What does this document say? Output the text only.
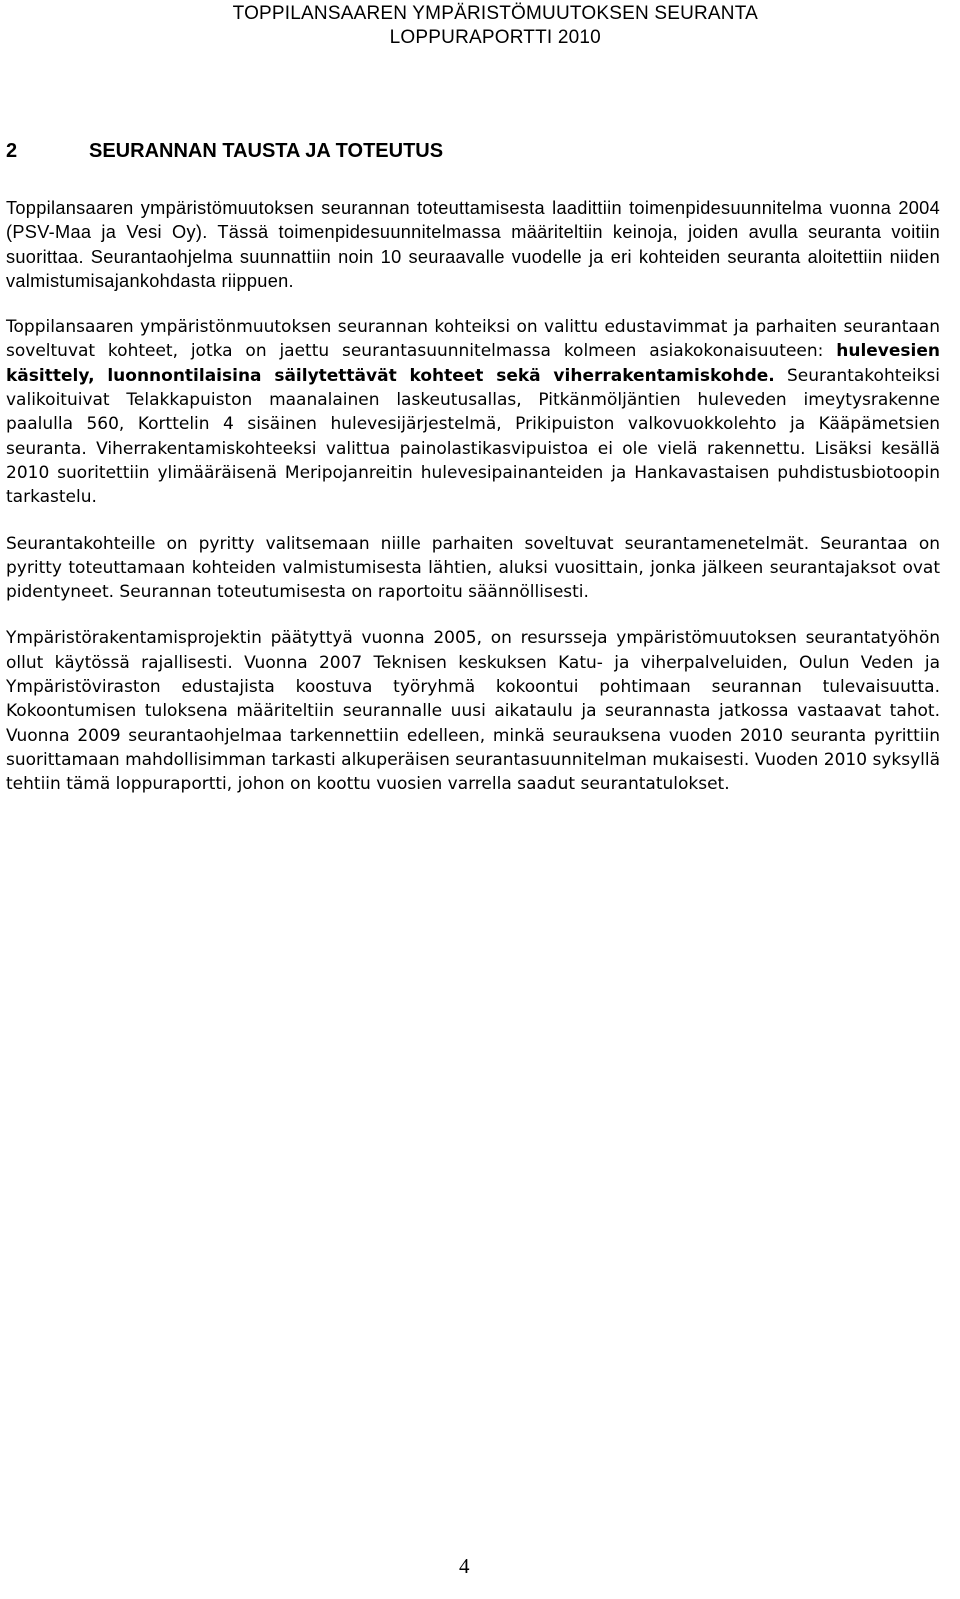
TOPPILANSAAREN YMPÄRISTÖMUUTOKSEN SEURANTA
LOPPURAPORTTI 2010
2	SEURANNAN TAUSTA JA TOTEUTUS

Toppilansaaren ympäristömuutoksen seurannan toteuttamisesta laadittiin toimenpidesuunnitelma vuonna 2004 (PSV-Maa ja Vesi Oy). Tässä toimenpidesuunnitelmassa määriteltiin keinoja, joiden avulla seuranta voitiin suorittaa. Seurantaohjelma suunnattiin noin 10 seuraavalle vuodelle ja eri kohteiden seuranta aloitettiin niiden valmistumisajankohdasta riippuen.

Toppilansaaren ympäristönmuutoksen seurannan kohteiksi on valittu edustavimmat ja parhaiten seurantaan soveltuvat kohteet, jotka on jaettu seurantasuunnitelmassa kolmeen asiakokonaisuuteen: hulevesien käsittely, luonnontilaisina säilytettävät kohteet sekä viherrakentamiskohde. Seurantakohteiksi valikoituivat Telakkapuiston maanalainen laskeutusallas, Pitkänmöljäntien huleveden imeytysrakenne paalulla 560, Korttelin 4 sisäinen hulevesijärjestelmä, Prikipuiston valkovuokkolehto ja Kääpämetsien seuranta. Viherrakentamiskohteeksi valittua painolastikasvipuistoa ei ole vielä rakennettu. Lisäksi kesällä 2010 suoritettiin ylimääräisenä Meripojanreitin hulevesipainanteiden ja Hankavastaisen puhdistusbiotoopin tarkastelu.

Seurantakohteille on pyritty valitsemaan niille parhaiten soveltuvat seurantamenetelmät. Seurantaa on pyritty toteuttamaan kohteiden valmistumisesta lähtien, aluksi vuosittain, jonka jälkeen seurantajaksot ovat pidentyneet. Seurannan toteutumisesta on raportoitu säännöllisesti.

Ympäristörakentamisprojektin päätyttyä vuonna 2005, on resursseja ympäristömuutoksen seurantatyöhön ollut käytössä rajallisesti. Vuonna 2007 Teknisen keskuksen Katu- ja viherpalveluiden, Oulun Veden ja Ympäristöviraston edustajista koostuva työryhmä kokoontui pohtimaan seurannan tulevaisuutta. Kokoontumisen tuloksena määriteltiin seurannalle uusi aikataulu ja seurannasta jatkossa vastaavat tahot. Vuonna 2009 seurantaohjelmaa tarkennettiin edelleen, minkä seurauksena vuoden 2010 seuranta pyrittiin suorittamaan mahdollisimman tarkasti alkuperäisen seurantasuunnitelman mukaisesti. Vuoden 2010 syksyllä tehtiin tämä loppuraportti, johon on koottu vuosien varrella saadut seurantatulokset.

4
